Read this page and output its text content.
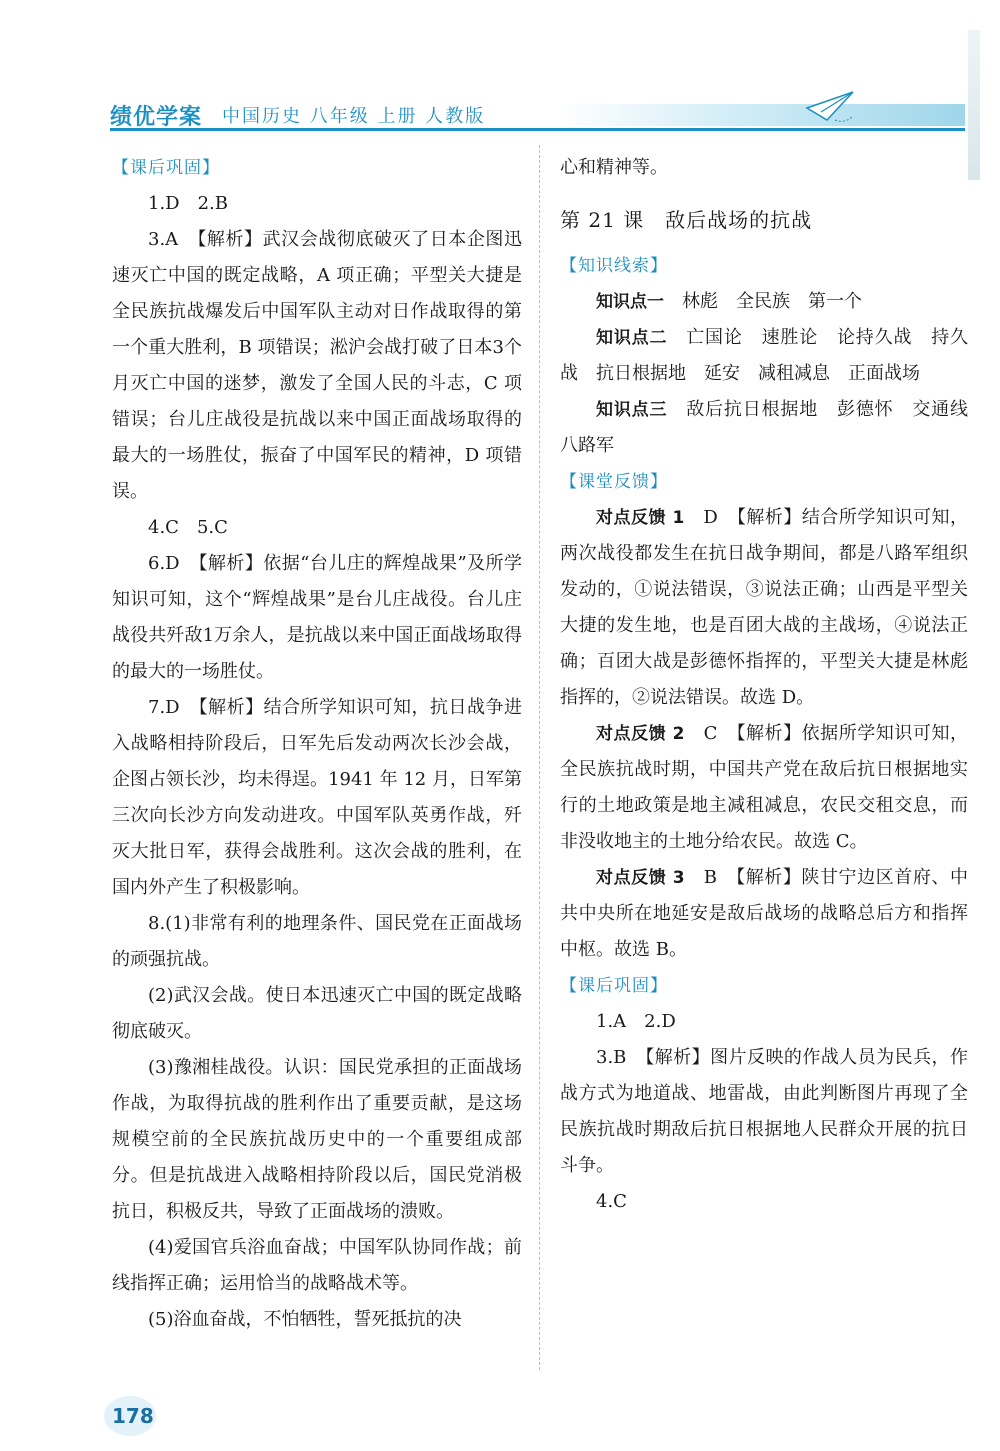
绩优学案 中国历史 八年级 上册 人教版

【课后巩固】

1.D　2.B

3.A　【解析】武汉会战彻底破灭了日本企图迅速灭亡中国的既定战略，A 项正确；平型关大捷是全民族抗战爆发后中国军队主动对日作战取得的第一个重大胜利，B 项错误；淞沪会战打破了日本3个月灭亡中国的迷梦，激发了全国人民的斗志，C 项错误；台儿庄战役是抗战以来中国正面战场取得的最大的一场胜仗，振奋了中国军民的精神，D 项错误。

4.C　5.C

6.D　【解析】依据“台儿庄的辉煌战果”及所学知识可知，这个“辉煌战果”是台儿庄战役。台儿庄战役共歼敌1万余人，是抗战以来中国正面战场取得的最大的一场胜仗。

7.D　【解析】结合所学知识可知，抗日战争进入战略相持阶段后，日军先后发动两次长沙会战，企图占领长沙，均未得逞。1941 年 12 月，日军第三次向长沙方向发动进攻。中国军队英勇作战，歼灭大批日军，获得会战胜利。这次会战的胜利，在国内外产生了积极影响。

8.(1)非常有利的地理条件、国民党在正面战场的顽强抗战。

(2)武汉会战。使日本迅速灭亡中国的既定战略彻底破灭。

(3)豫湘桂战役。认识：国民党承担的正面战场作战，为取得抗战的胜利作出了重要贡献，是这场规模空前的全民族抗战历史中的一个重要组成部分。但是抗战进入战略相持阶段以后，国民党消极抗日，积极反共，导致了正面战场的溃败。

(4)爱国官兵浴血奋战；中国军队协同作战；前线指挥正确；运用恰当的战略战术等。

(5)浴血奋战，不怕牺牲，誓死抵抗的决

心和精神等。

第 21 课　敌后战场的抗战

【知识线索】

知识点一　林彪　全民族　第一个

知识点二　亡国论　速胜论　论持久战　持久战　抗日根据地　延安　减租减息　正面战场

知识点三　敌后抗日根据地　彭德怀　交通线　八路军

【课堂反馈】

对点反馈 1　D　【解析】结合所学知识可知，两次战役都发生在抗日战争期间，都是八路军组织发动的，①说法错误，③说法正确；山西是平型关大捷的发生地，也是百团大战的主战场，④说法正确；百团大战是彭德怀指挥的，平型关大捷是林彪指挥的，②说法错误。故选 D。

对点反馈 2　C　【解析】依据所学知识可知，全民族抗战时期，中国共产党在敌后抗日根据地实行的土地政策是地主减租减息，农民交租交息，而非没收地主的土地分给农民。故选 C。

对点反馈 3　B　【解析】陕甘宁边区首府、中共中央所在地延安是敌后战场的战略总后方和指挥中枢。故选 B。

【课后巩固】

1.A　2.D

3.B　【解析】图片反映的作战人员为民兵，作战方式为地道战、地雷战，由此判断图片再现了全民族抗战时期敌后抗日根据地人民群众开展的抗日斗争。

4.C

178
